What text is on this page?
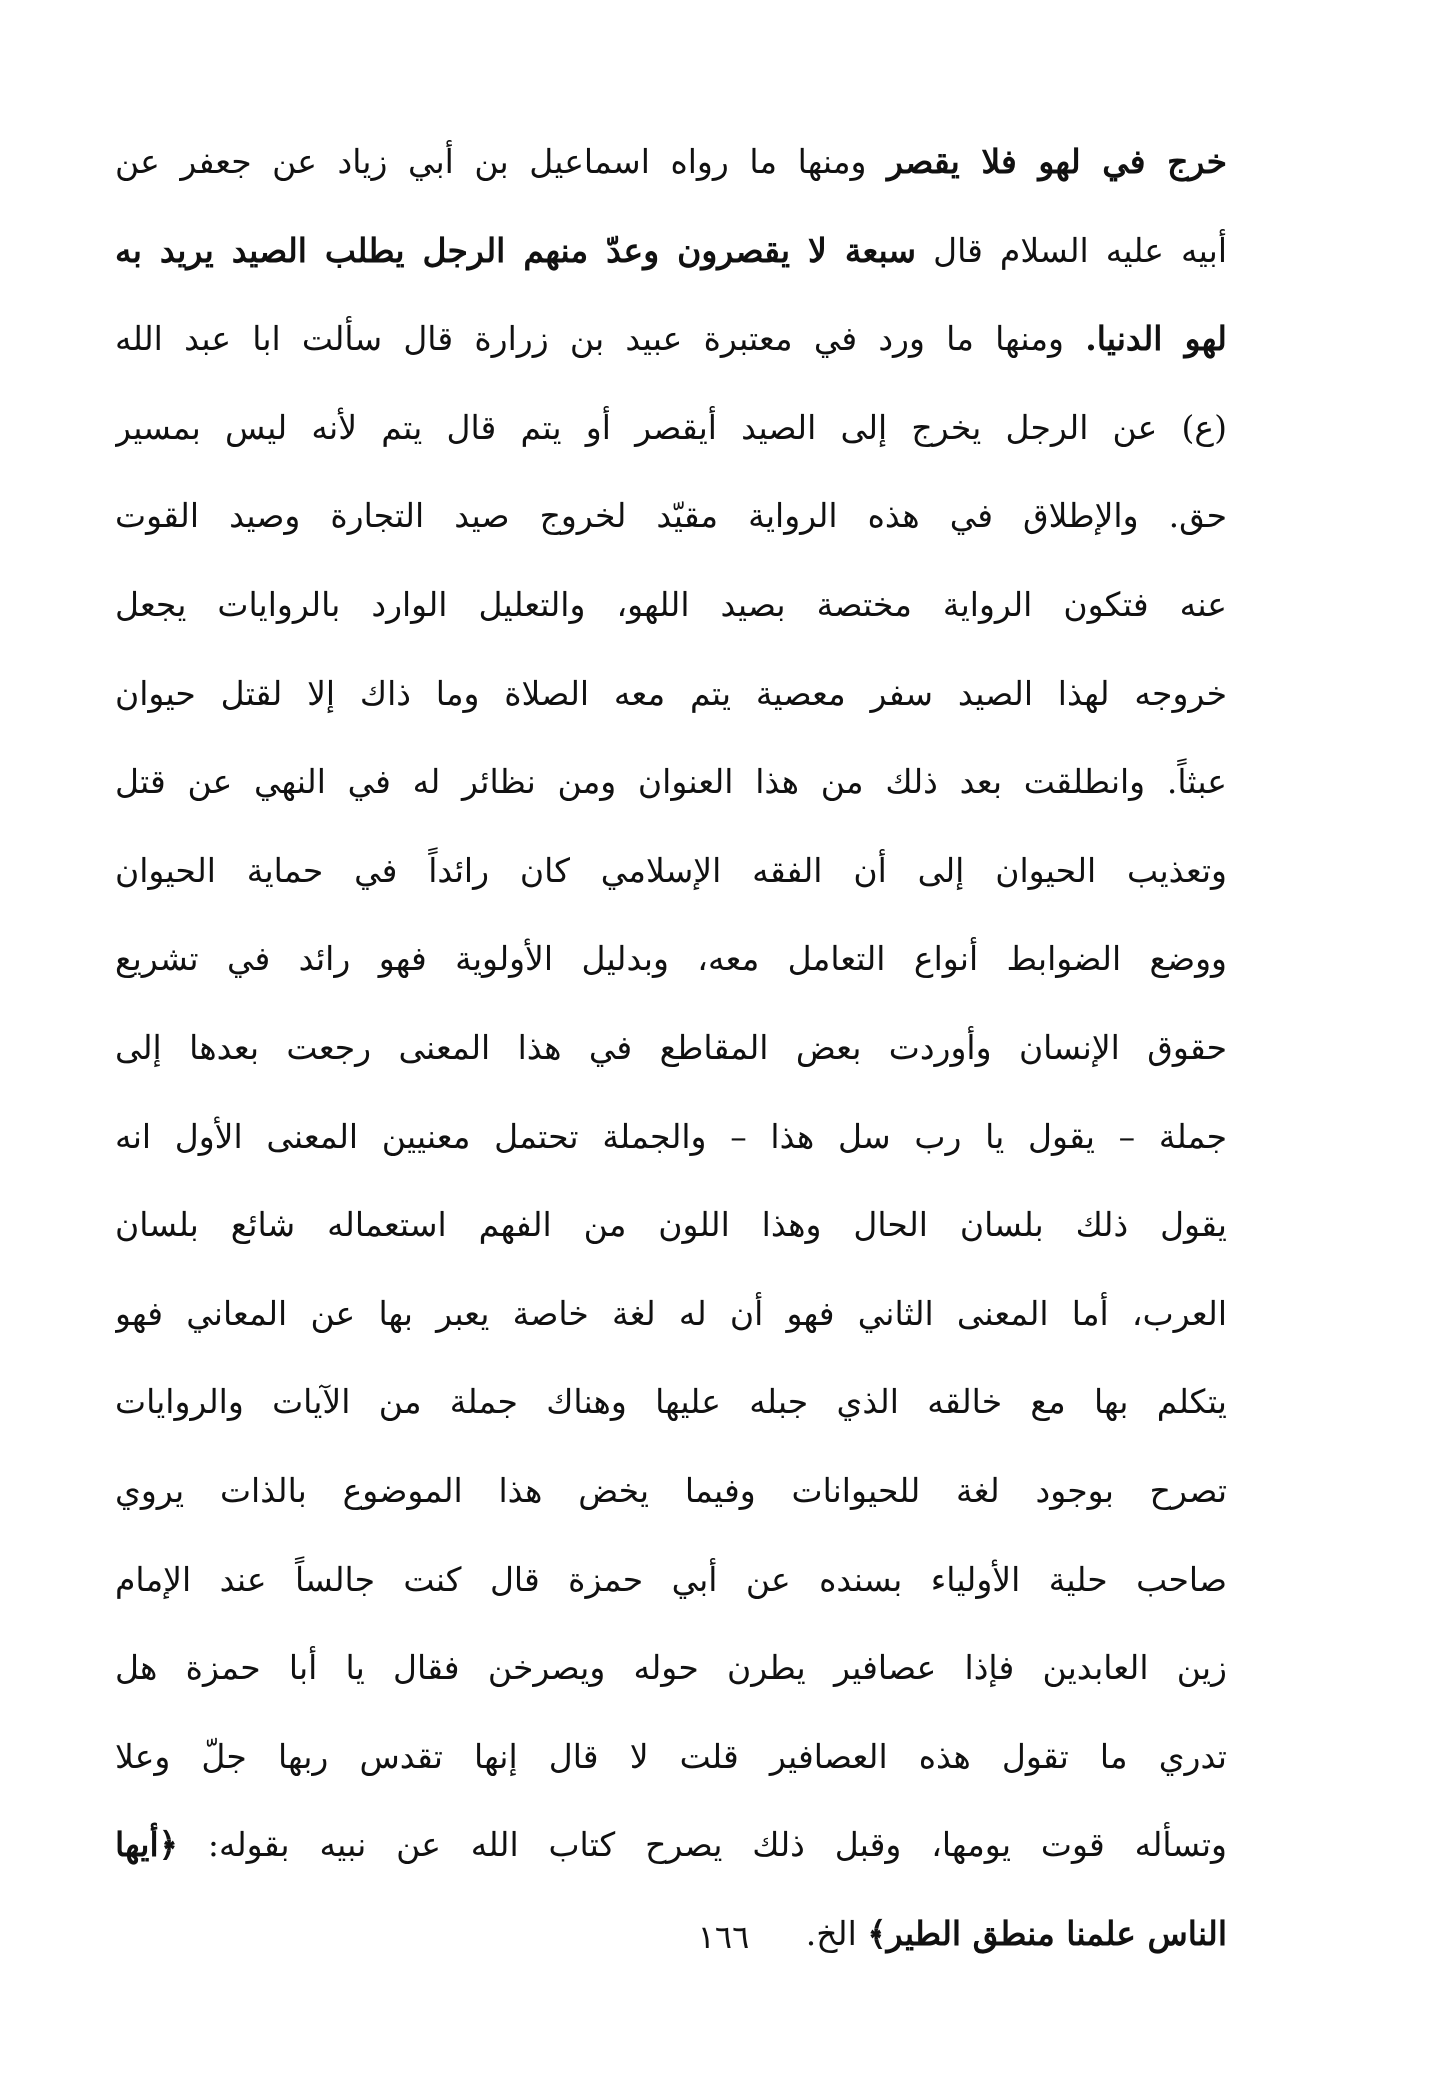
خرج في لهو فلا يقصر ومنها ما رواه اسماعيل بن أبي زياد عن جعفر عن
أبيه عليه السلام قال سبعة لا يقصرون وعدّ منهم الرجل يطلب الصيد يريد به
لهو الدنيا. ومنها ما ورد في معتبرة عبيد بن زرارة قال سألت ابا عبد الله
(ع) عن الرجل يخرج إلى الصيد أيقصر أو يتم قال يتم لأنه ليس بمسير
حق. والإطلاق في هذه الرواية مقيّد لخروج صيد التجارة وصيد القوت
عنه فتكون الرواية مختصة بصيد اللهو، والتعليل الوارد بالروايات يجعل
خروجه لهذا الصيد سفر معصية يتم معه الصلاة وما ذاك إلا لقتل حيوان
عبثاً. وانطلقت بعد ذلك من هذا العنوان ومن نظائر له في النهي عن قتل
وتعذيب الحيوان إلى أن الفقه الإسلامي كان رائداً في حماية الحيوان
ووضع الضوابط أنواع التعامل معه، وبدليل الأولوية فهو رائد في تشريع
حقوق الإنسان وأوردت بعض المقاطع في هذا المعنى رجعت بعدها إلى
جملة – يقول يا رب سل هذا – والجملة تحتمل معنيين المعنى الأول انه
يقول ذلك بلسان الحال وهذا اللون من الفهم استعماله شائع بلسان
العرب، أما المعنى الثاني فهو أن له لغة خاصة يعبر بها عن المعاني فهو
يتكلم بها مع خالقه الذي جبله عليها وهناك جملة من الآيات والروايات
تصرح بوجود لغة للحيوانات وفيما يخض هذا الموضوع بالذات يروي
صاحب حلية الأولياء بسنده عن أبي حمزة قال كنت جالساً عند الإمام
زين العابدين فإذا عصافير يطرن حوله ويصرخن فقال يا أبا حمزة هل
تدري ما تقول هذه العصافير قلت لا قال إنها تقدس ربها جلّ وعلا
وتسأله قوت يومها، وقبل ذلك يصرح كتاب الله عن نبيه بقوله: ﴿أيها
الناس علمنا منطق الطير﴾ الخ.
١٦٦
